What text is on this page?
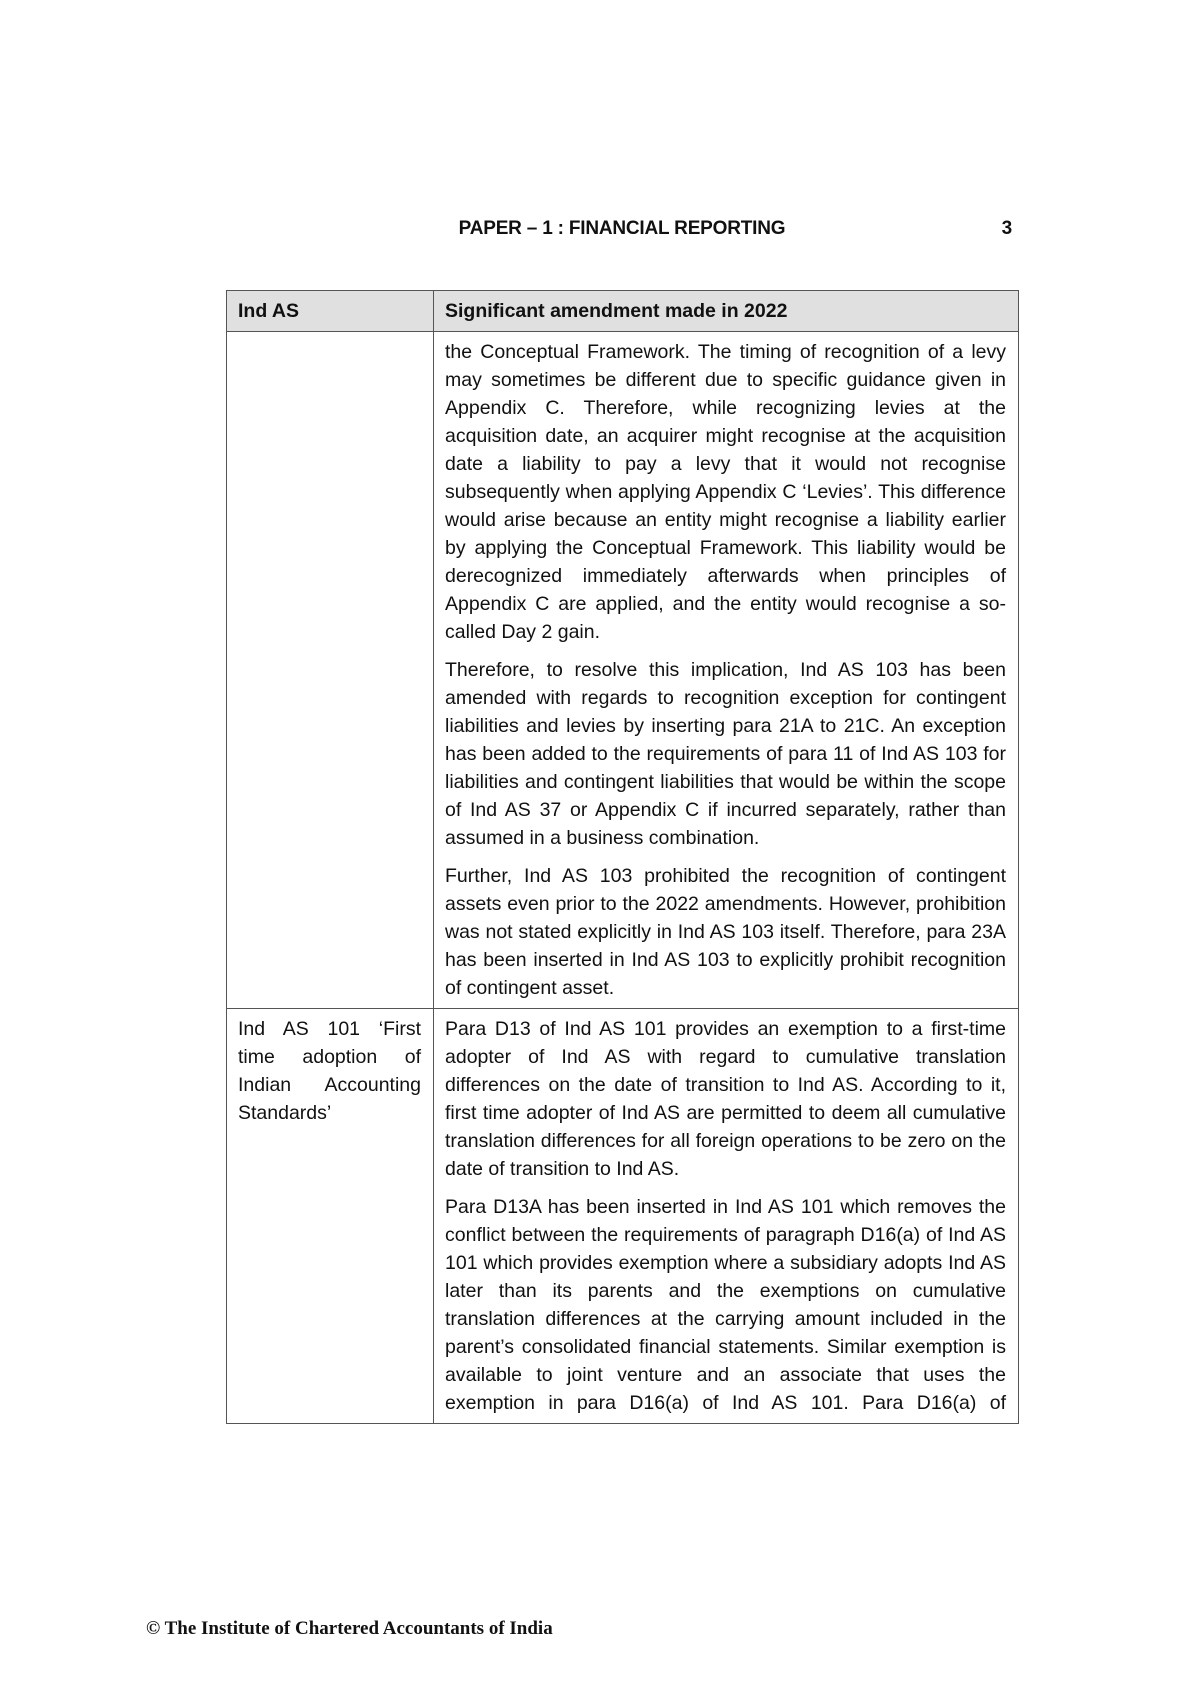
PAPER – 1 : FINANCIAL REPORTING	3
Ind AS	Significant amendment made in 2022

	the Conceptual Framework. The timing of recognition of a levy may sometimes be different due to specific guidance given in Appendix C. Therefore, while recognizing levies at the acquisition date, an acquirer might recognise at the acquisition date a liability to pay a levy that it would not recognise subsequently when applying Appendix C ‘Levies’. This difference would arise because an entity might recognise a liability earlier by applying the Conceptual Framework. This liability would be derecognized immediately afterwards when principles of Appendix C are applied, and the entity would recognise a so-called Day 2 gain.

Therefore, to resolve this implication, Ind AS 103 has been amended with regards to recognition exception for contingent liabilities and levies by inserting para 21A to 21C. An exception has been added to the requirements of para 11 of Ind AS 103 for liabilities and contingent liabilities that would be within the scope of Ind AS 37 or Appendix C if incurred separately, rather than assumed in a business combination.

Further, Ind AS 103 prohibited the recognition of contingent assets even prior to the 2022 amendments. However, prohibition was not stated explicitly in Ind AS 103 itself. Therefore, para 23A has been inserted in Ind AS 103 to explicitly prohibit recognition of contingent asset.

Ind AS 101 ‘First time adoption of Indian Accounting Standards’	Para D13 of Ind AS 101 provides an exemption to a first-time adopter of Ind AS with regard to cumulative translation differences on the date of transition to Ind AS. According to it, first time adopter of Ind AS are permitted to deem all cumulative translation differences for all foreign operations to be zero on the date of transition to Ind AS.

Para D13A has been inserted in Ind AS 101 which removes the conflict between the requirements of paragraph D16(a) of Ind AS 101 which provides exemption where a subsidiary adopts Ind AS later than its parents and the exemptions on cumulative translation differences at the carrying amount included in the parent’s consolidated financial statements. Similar exemption is available to joint venture and an associate that uses the exemption in para D16(a) of Ind AS 101. Para D16(a) of

© The Institute of Chartered Accountants of India
